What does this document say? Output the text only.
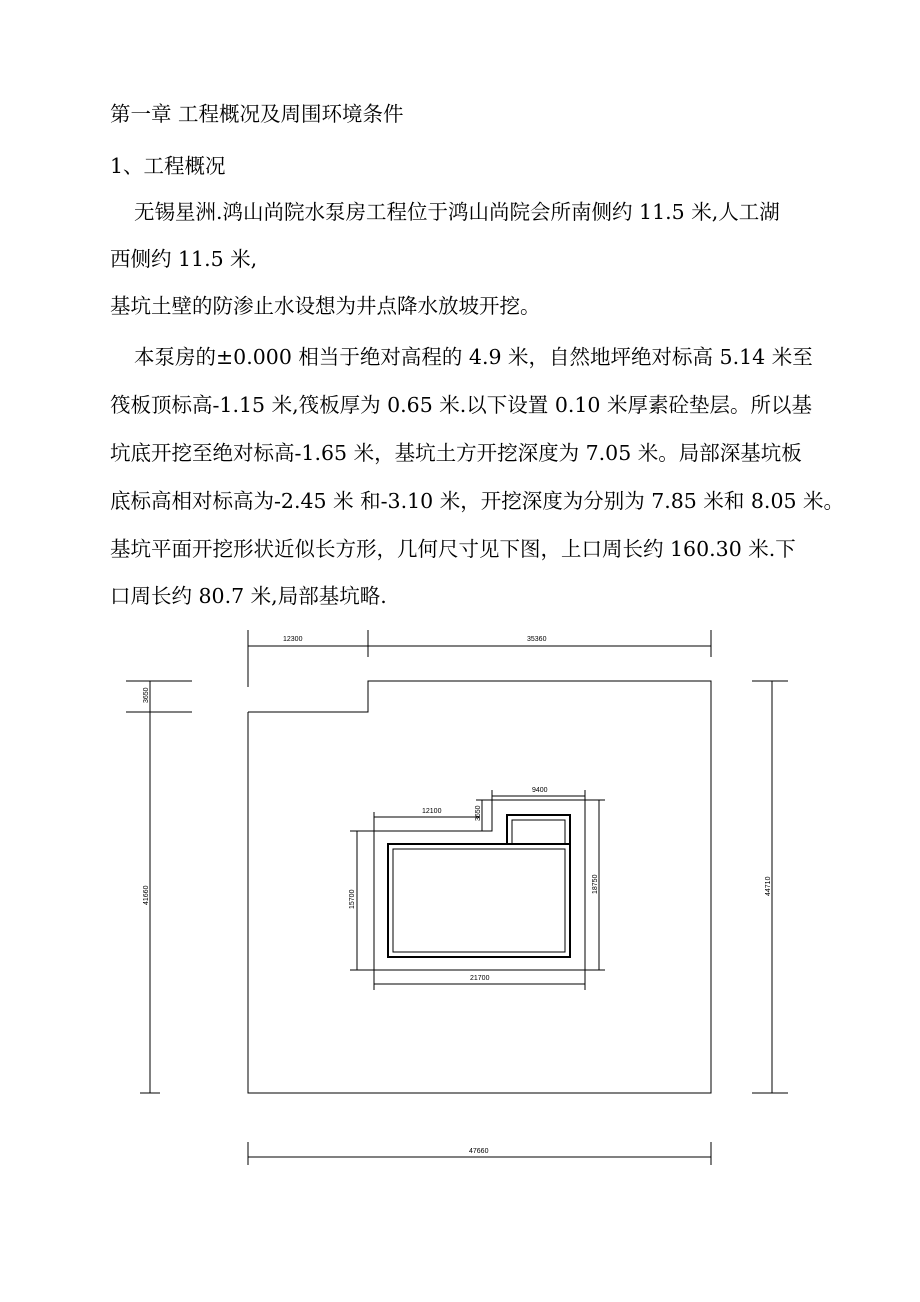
第一章 工程概况及周围环境条件
1、工程概况
无锡星洲.鸿山尚院水泵房工程位于鸿山尚院会所南侧约 11.5 米,人工湖
西侧约 11.5 米,
基坑土壁的防渗止水设想为井点降水放坡开挖。
本泵房的±0.000 相当于绝对高程的 4.9 米，自然地坪绝对标高 5.14 米至
筏板顶标高-1.15 米,筏板厚为 0.65 米.以下设置 0.10 米厚素砼垫层。所以基
坑底开挖至绝对标高-1.65 米，基坑土方开挖深度为 7.05 米。局部深基坑板
底标高相对标高为-2.45 米 和-3.10 米，开挖深度为分别为 7.85 米和 8.05 米。
基坑平面开挖形状近似长方形，几何尺寸见下图，上口周长约 160.30 米.下
口周长约 80.7 米,局部基坑略.
12300	35360
3650
41660	44710
47660
12100
9400
3650
15700
18750
21700
